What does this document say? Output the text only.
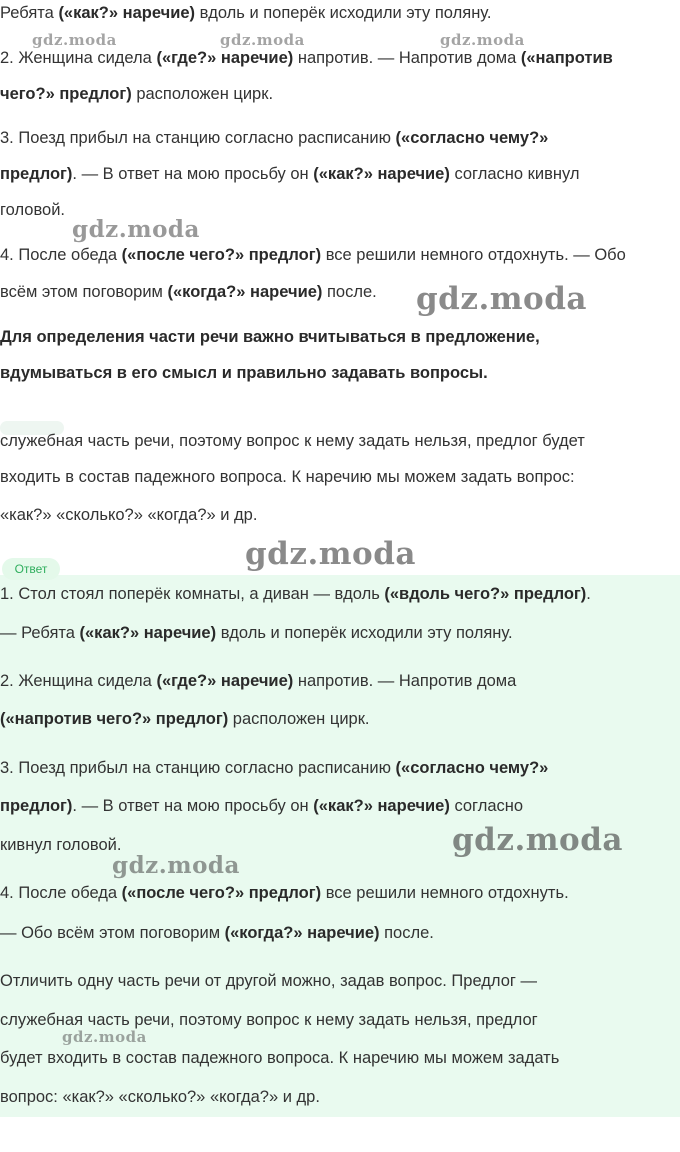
Ребята («как?» наречие) вдоль и поперёк исходили эту поляну.
2. Женщина сидела («где?» наречие) напротив. — Напротив дома («напротив
чего?» предлог) расположен цирк.
3. Поезд прибыл на станцию согласно расписанию («согласно чему?»
предлог). — В ответ на мою просьбу он («как?» наречие) согласно кивнул
головой.
4. После обеда («после чего?» предлог) все решили немного отдохнуть. — Обо
всём этом поговорим («когда?» наречие) после.
Для определения части речи важно вчитываться в предложение,
вдумываться в его смысл и правильно задавать вопросы.
служебная часть речи, поэтому вопрос к нему задать нельзя, предлог будет
входить в состав падежного вопроса. К наречию мы можем задать вопрос:
«как?» «сколько?» «когда?» и др.
Ответ
1. Стол стоял поперёк комнаты, а диван — вдоль («вдоль чего?» предлог).
— Ребята («как?» наречие) вдоль и поперёк исходили эту поляну.
2. Женщина сидела («где?» наречие) напротив. — Напротив дома
(«напротив чего?» предлог) расположен цирк.
3. Поезд прибыл на станцию согласно расписанию («согласно чему?»
предлог). — В ответ на мою просьбу он («как?» наречие) согласно
кивнул головой.
4. После обеда («после чего?» предлог) все решили немного отдохнуть.
— Обо всём этом поговорим («когда?» наречие) после.
Отличить одну часть речи от другой можно, задав вопрос. Предлог —
служебная часть речи, поэтому вопрос к нему задать нельзя, предлог
будет входить в состав падежного вопроса. К наречию мы можем задать
вопрос: «как?» «сколько?» «когда?» и др.
gdz.moda	gdz.moda	gdz.moda
gdz.moda
gdz.moda
gdz.moda
gdz.moda
gdz.moda
gdz.moda
